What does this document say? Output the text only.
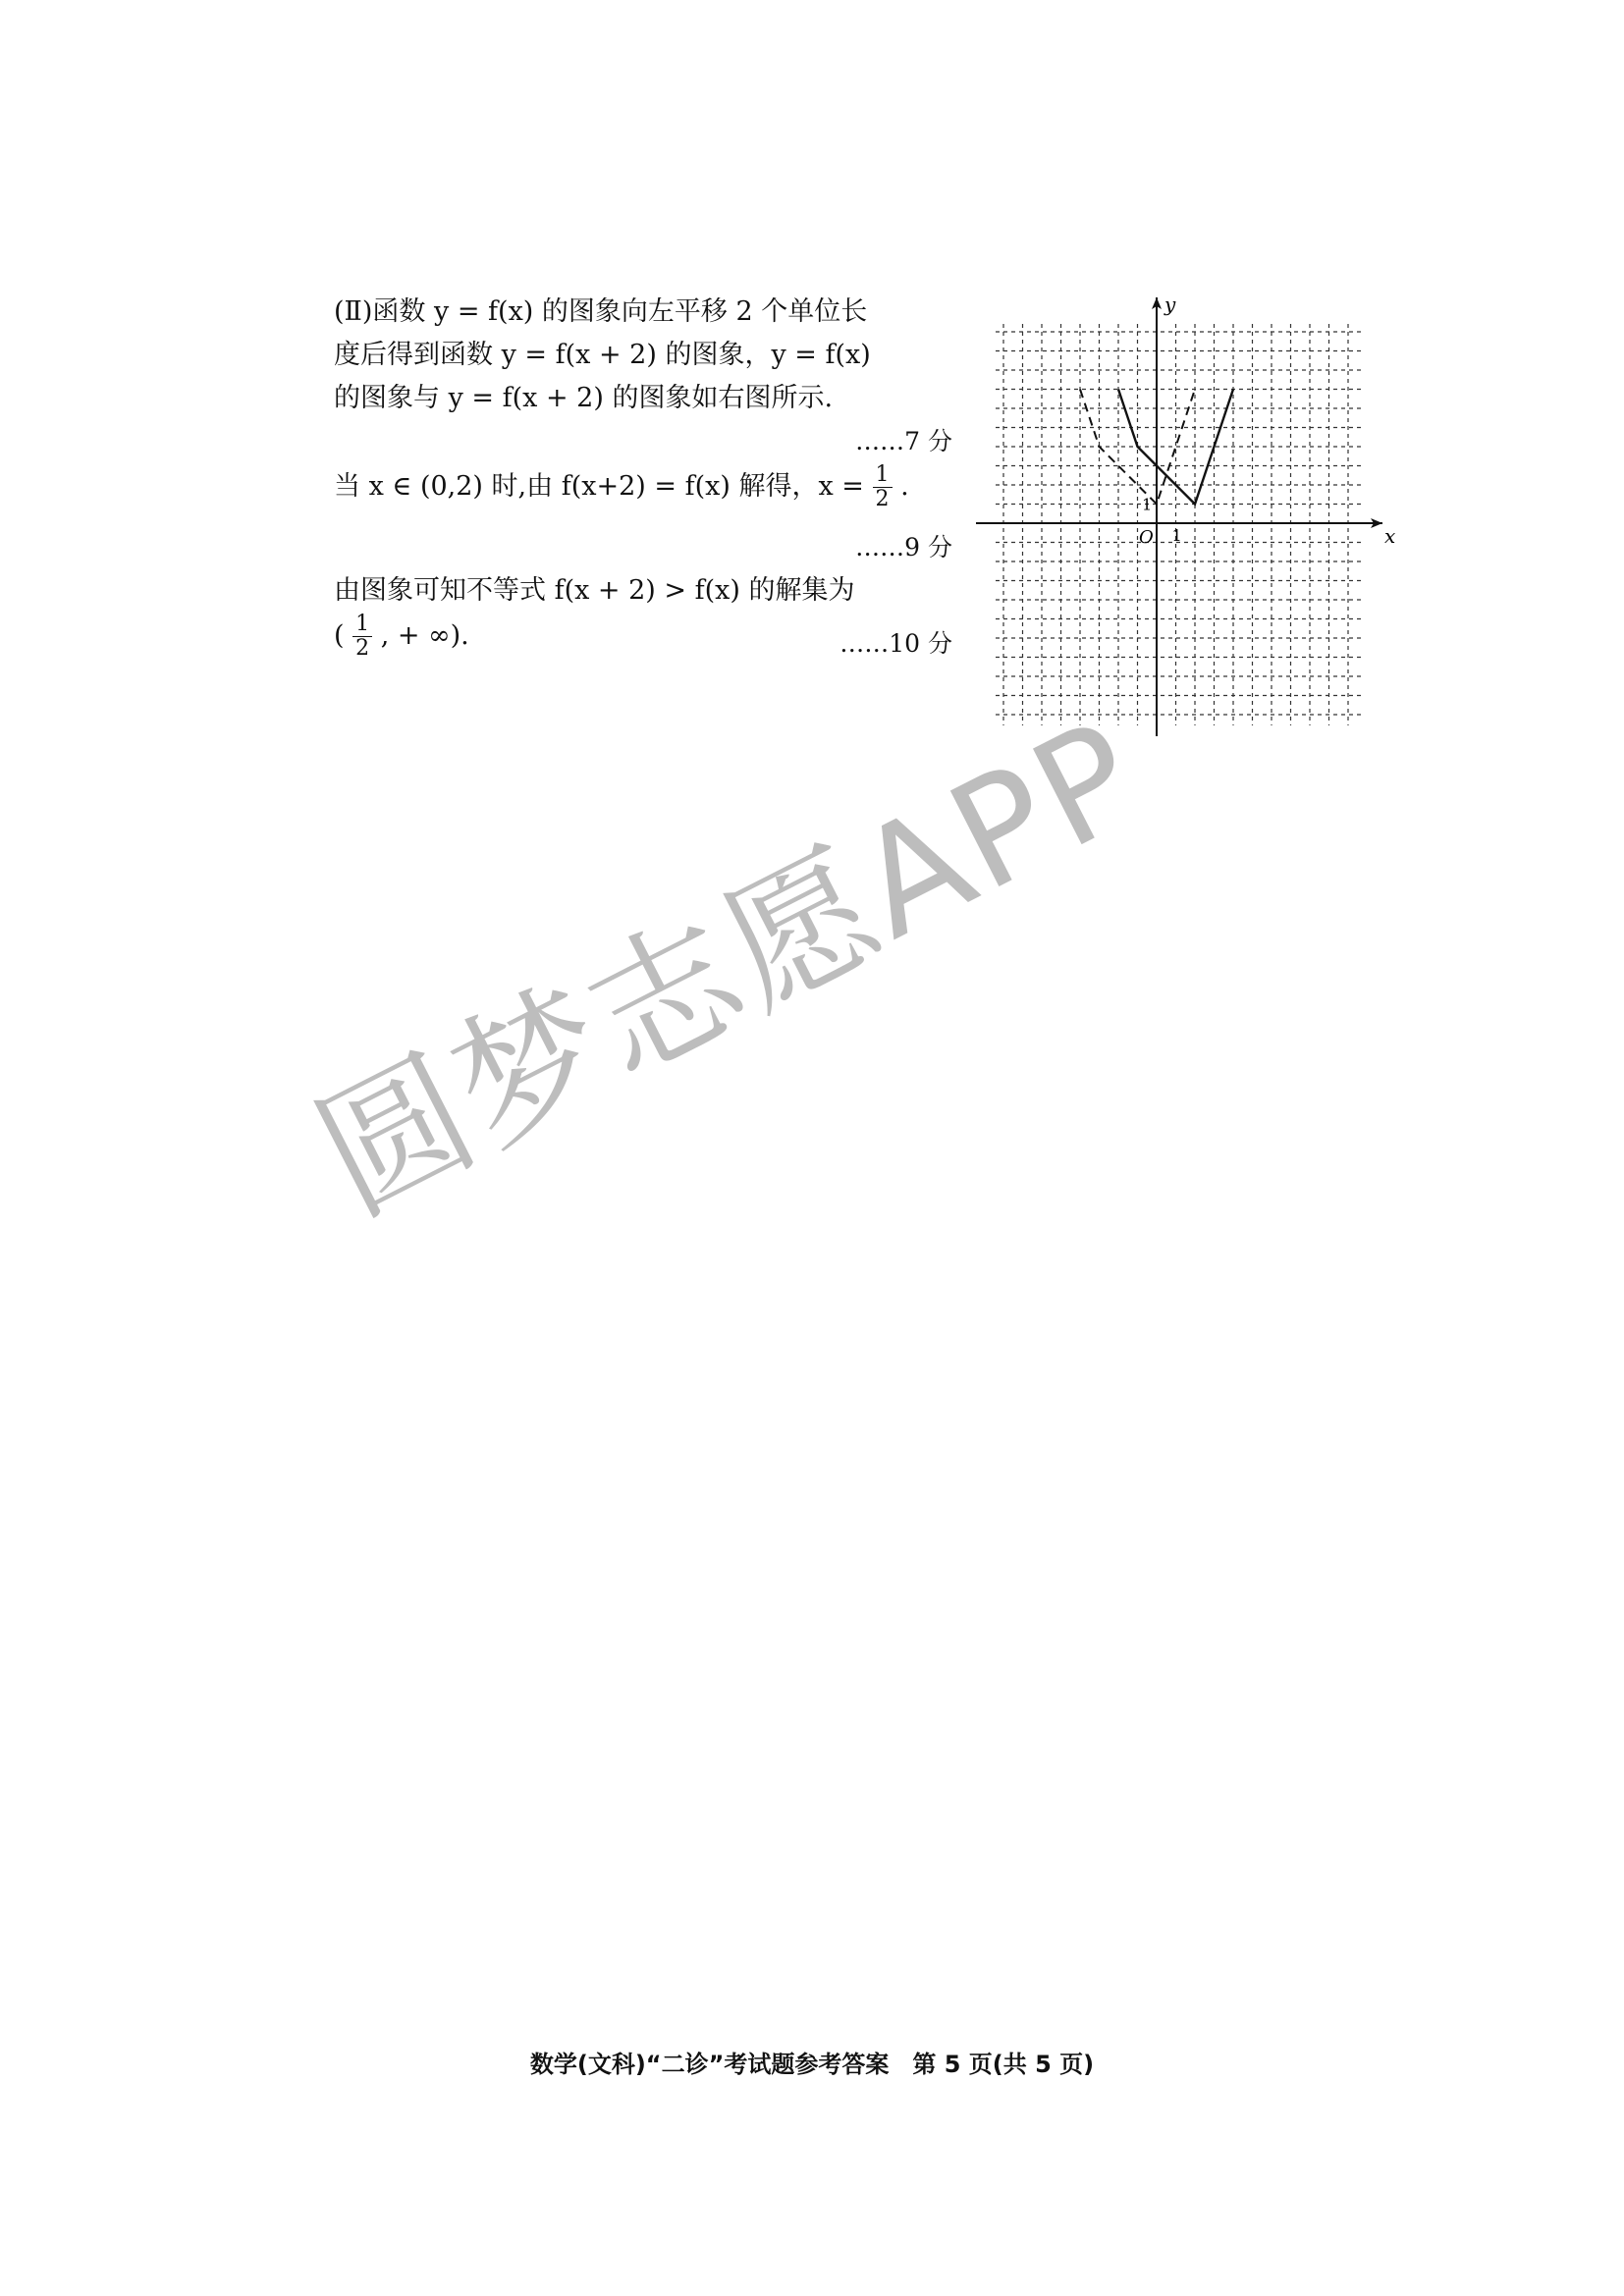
(Ⅱ)函数 y = f(x) 的图象向左平移 2 个单位长
度后得到函数 y = f(x + 2) 的图象，y = f(x)
的图象与 y = f(x + 2) 的图象如右图所示.
……7 分
当 x ∈ (0,2) 时,由 f(x+2) = f(x) 解得，$x = \frac{1}{2}$ .
……9 分
由图象可知不等式 f(x + 2) > f(x) 的解集为
( $\frac{1}{2}$ , + ∞).	……10 分
x
y
O 1
1
圆梦志愿APP
数学(文科)“二诊”考试题参考答案　第 5 页(共 5 页)
